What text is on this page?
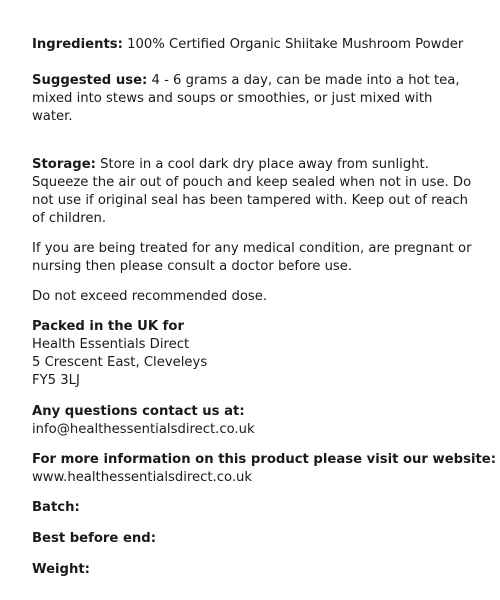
Ingredients: 100% Certified Organic Shiitake Mushroom Powder

Suggested use: 4 - 6 grams a day, can be made into a hot tea, mixed into stews and soups or smoothies, or just mixed with water.

Storage: Store in a cool dark dry place away from sunlight. Squeeze the air out of pouch and keep sealed when not in use. Do not use if original seal has been tampered with. Keep out of reach of children.

If you are being treated for any medical condition, are pregnant or nursing then please consult a doctor before use.

Do not exceed recommended dose.

Packed in the UK for
Health Essentials Direct
5 Crescent East, Cleveleys
FY5 3LJ
Any questions contact us at:
info@healthessentialsdirect.co.uk
For more information on this product please visit our website:
www.healthessentialsdirect.co.uk

Batch:

Best before end:

Weight:
